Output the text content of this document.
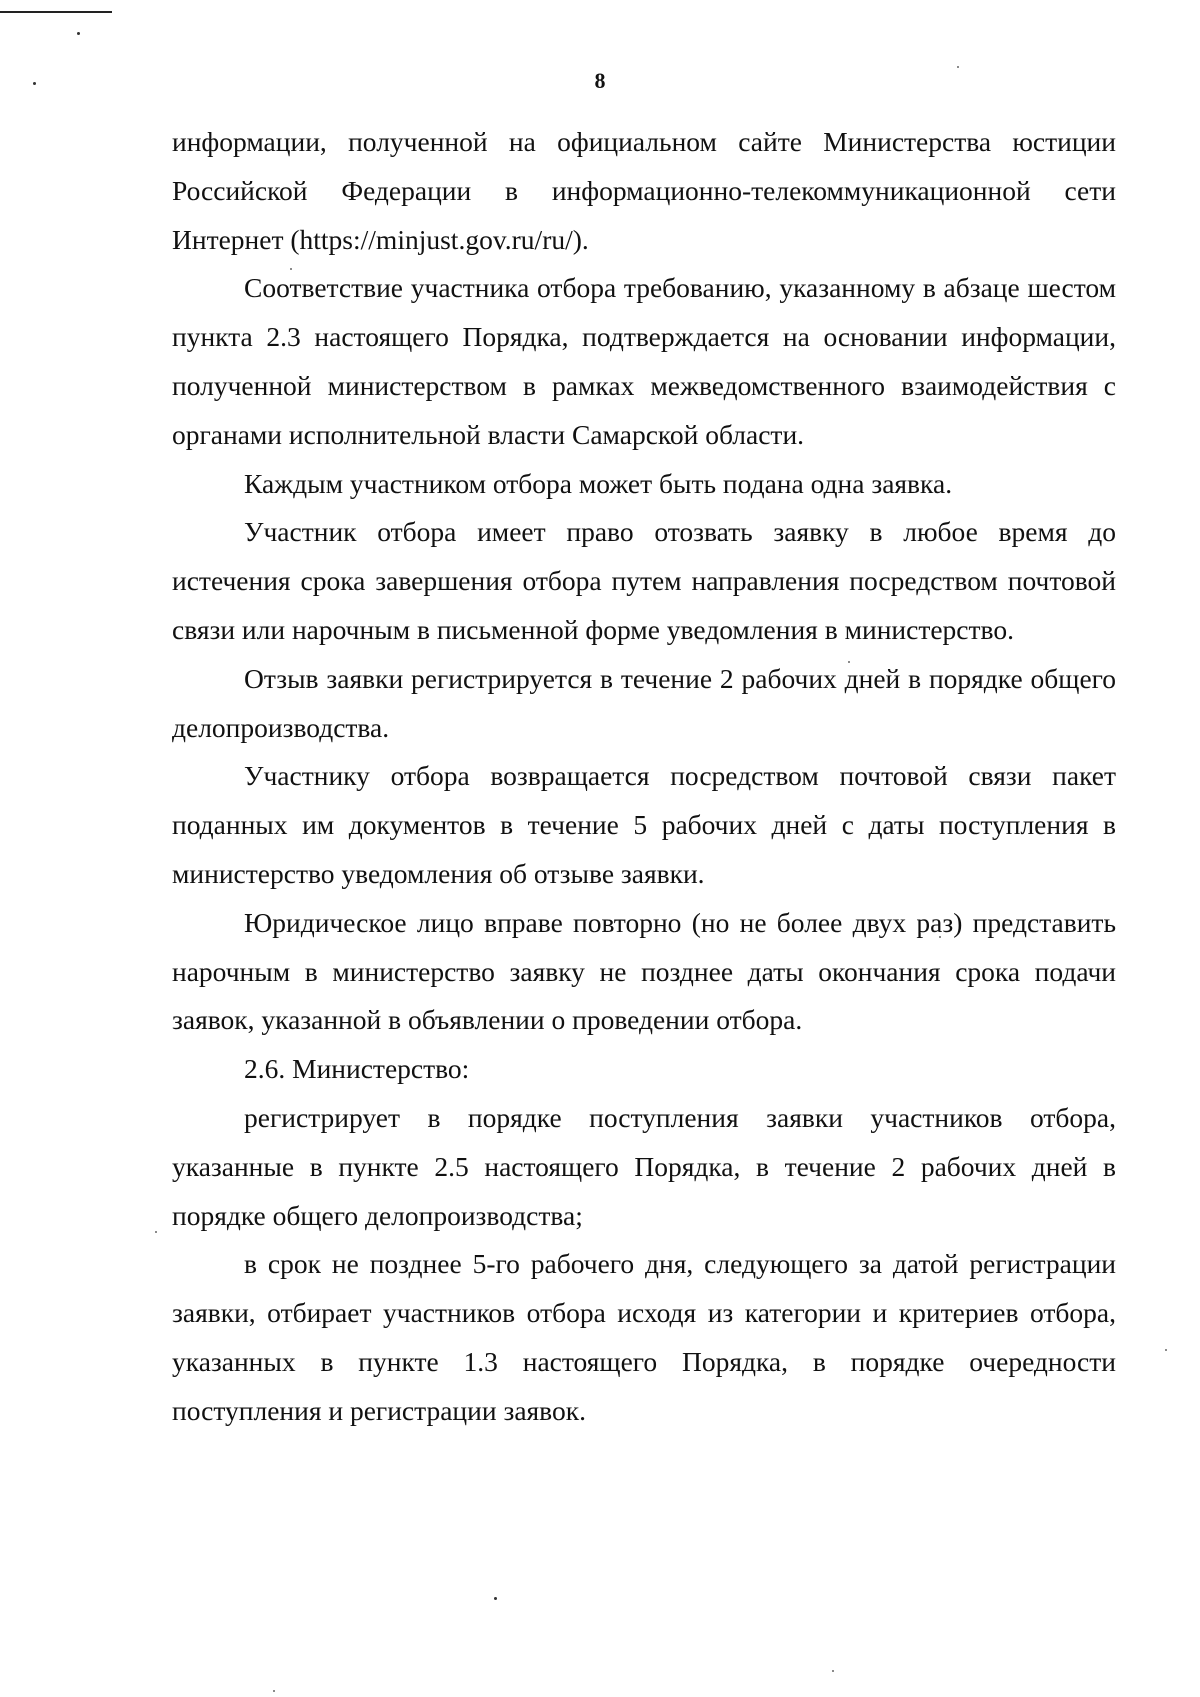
8

информации, полученной на официальном сайте Министерства юстиции Российской Федерации в информационно-телекоммуникационной сети Интернет (https://minjust.gov.ru/ru/).

Соответствие участника отбора требованию, указанному в абзаце шестом пункта 2.3 настоящего Порядка, подтверждается на основании информации, полученной министерством в рамках межведомственного взаимодействия с органами исполнительной власти Самарской области.

Каждым участником отбора может быть подана одна заявка.

Участник отбора имеет право отозвать заявку в любое время до истечения срока завершения отбора путем направления посредством почтовой связи или нарочным в письменной форме уведомления в министерство.

Отзыв заявки регистрируется в течение 2 рабочих дней в порядке общего делопроизводства.

Участнику отбора возвращается посредством почтовой связи пакет поданных им документов в течение 5 рабочих дней с даты поступления в министерство уведомления об отзыве заявки.

Юридическое лицо вправе повторно (но не более двух раз) представить нарочным в министерство заявку не позднее даты окончания срока подачи заявок, указанной в объявлении о проведении отбора.

2.6. Министерство:

регистрирует в порядке поступления заявки участников отбора, указанные в пункте 2.5 настоящего Порядка, в течение 2 рабочих дней в порядке общего делопроизводства;

в срок не позднее 5-го рабочего дня, следующего за датой регистрации заявки, отбирает участников отбора исходя из категории и критериев отбора, указанных в пункте 1.3 настоящего Порядка, в порядке очередности поступления и регистрации заявок.
